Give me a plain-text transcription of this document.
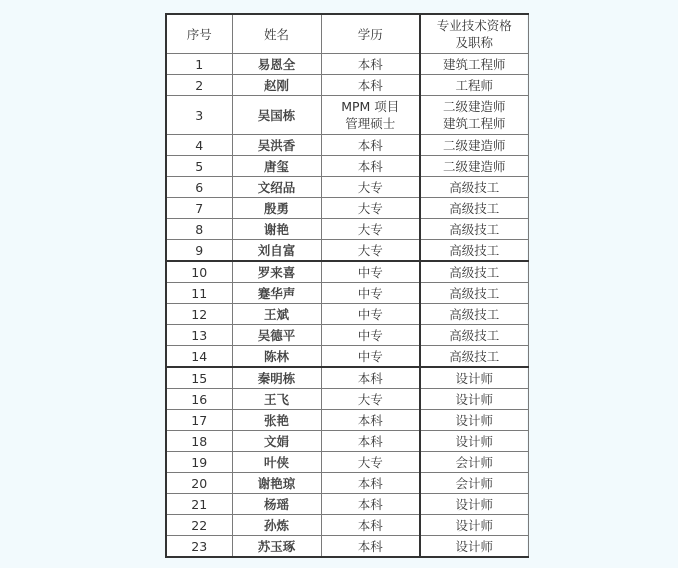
序号	姓名	学历	专业技术资格
及职称

1	易恩全	本科	建筑工程师

2	赵刚	本科	工程师

3	吴国栋	MPM 项目
管理硕士	二级建造师
建筑工程师

4	吴洪香	本科	二级建造师

5	唐玺	本科	二级建造师

6	文绍品	大专	高级技工

7	殷勇	大专	高级技工

8	谢艳	大专	高级技工

9	刘自富	大专	高级技工

10	罗来喜	中专	高级技工

11	蹇华声	中专	高级技工

12	王斌	中专	高级技工

13	吴德平	中专	高级技工

14	陈林	中专	高级技工

15	秦明栋	本科	设计师

16	王飞	大专	设计师

17	张艳	本科	设计师

18	文娟	本科	设计师

19	叶侠	大专	会计师

20	谢艳琼	本科	会计师

21	杨瑶	本科	设计师

22	孙炼	本科	设计师

23	苏玉琢	本科	设计师
